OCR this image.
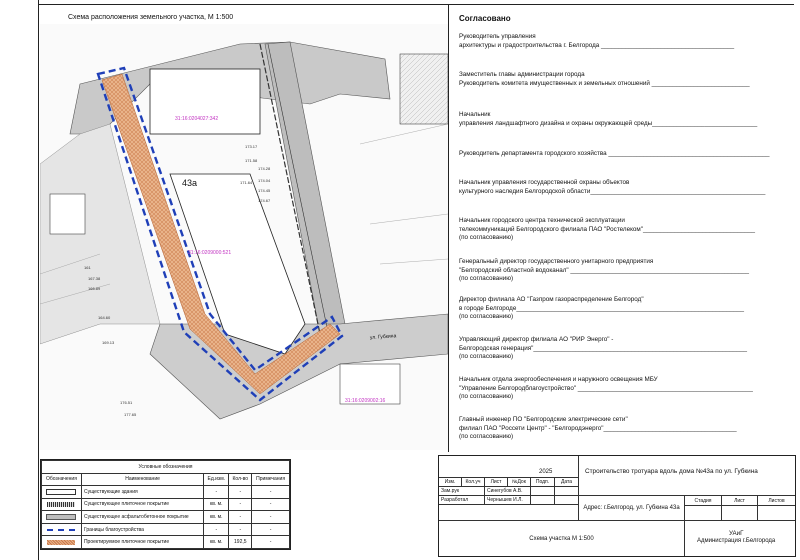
Схема расположения земельного участка, М 1:500
43а
31:16:0204027:342
31:16:0209000:521
31:16:0209002:16
ул. Губкина
161
167.38
166.89
164.60
169.13
173.17
171.58
171.64
174.28
174.04
174.45
174.67
176.51
177.65
Согласовано
Руководитель управления
архитектуры и градостроительства г. Белгорода ______________________________________
Заместитель главы администрации города
Руководитель комитета имущественных и земельных отношений ____________________________
Начальник
управления ландшафтного дизайна и охраны окружающей среды______________________________
Руководитель департамента городского хозяйства ______________________________________________
Начальник управления государственной охраны объектов
культурного наследия Белгородской области__________________________________________________
Начальник городского центра технической эксплуатации
телекоммуникаций Белгородского филиала ПАО "Ростелеком"________________________________
(по согласованию)
Генеральный директор государственного унитарного предприятия
"Белгородский областной водоканал" ___________________________________________________
(по согласованию)
Директор филиала АО "Газпром газораспределение Белгород"
в городе Белгороде_________________________________________________________________
(по согласованию)
Управляющий директор филиала АО "РИР Энерго" -
Белгородская генерация"_____________________________________________________________
(по согласованию)
Начальник отдела энергообеспечения и наружного освещения МБУ
"Управление Белгородблагоустройство" __________________________________________________
(по согласованию)
Главный инженер ПО "Белгородские электрические сети"
филиал ПАО "Россети Центр" - "Белгородэнерго"______________________________________
(по согласованию)
Условные обозначения				
Обозначения	Наименование	Ед.изм.	Кол-во	Примечания

	Существующие здания	-	-	-

	Существующее плиточное покрытие	кв. м.	-	-

	Существующее асфальтобетонное покрытие	кв. м.	-	-

	Границы благоустройства	-	-	-

	Проектируемое плиточное покрытие	кв. м.	192,5	-
2025	Строительство тротуара вдоль дома №43а по ул. Губкина
Изм.	Кол.уч	Лист	№Док	Подп.	Дата
Зам.рук	Синегубов А.В.
Разработал	Чернышев И.Л.
Адрес: г.Белгород, ул. Губкина 43а
Стадия	Лист	Листов
Схема участка М 1:500
УАиГ
Администрация г.Белгорода
